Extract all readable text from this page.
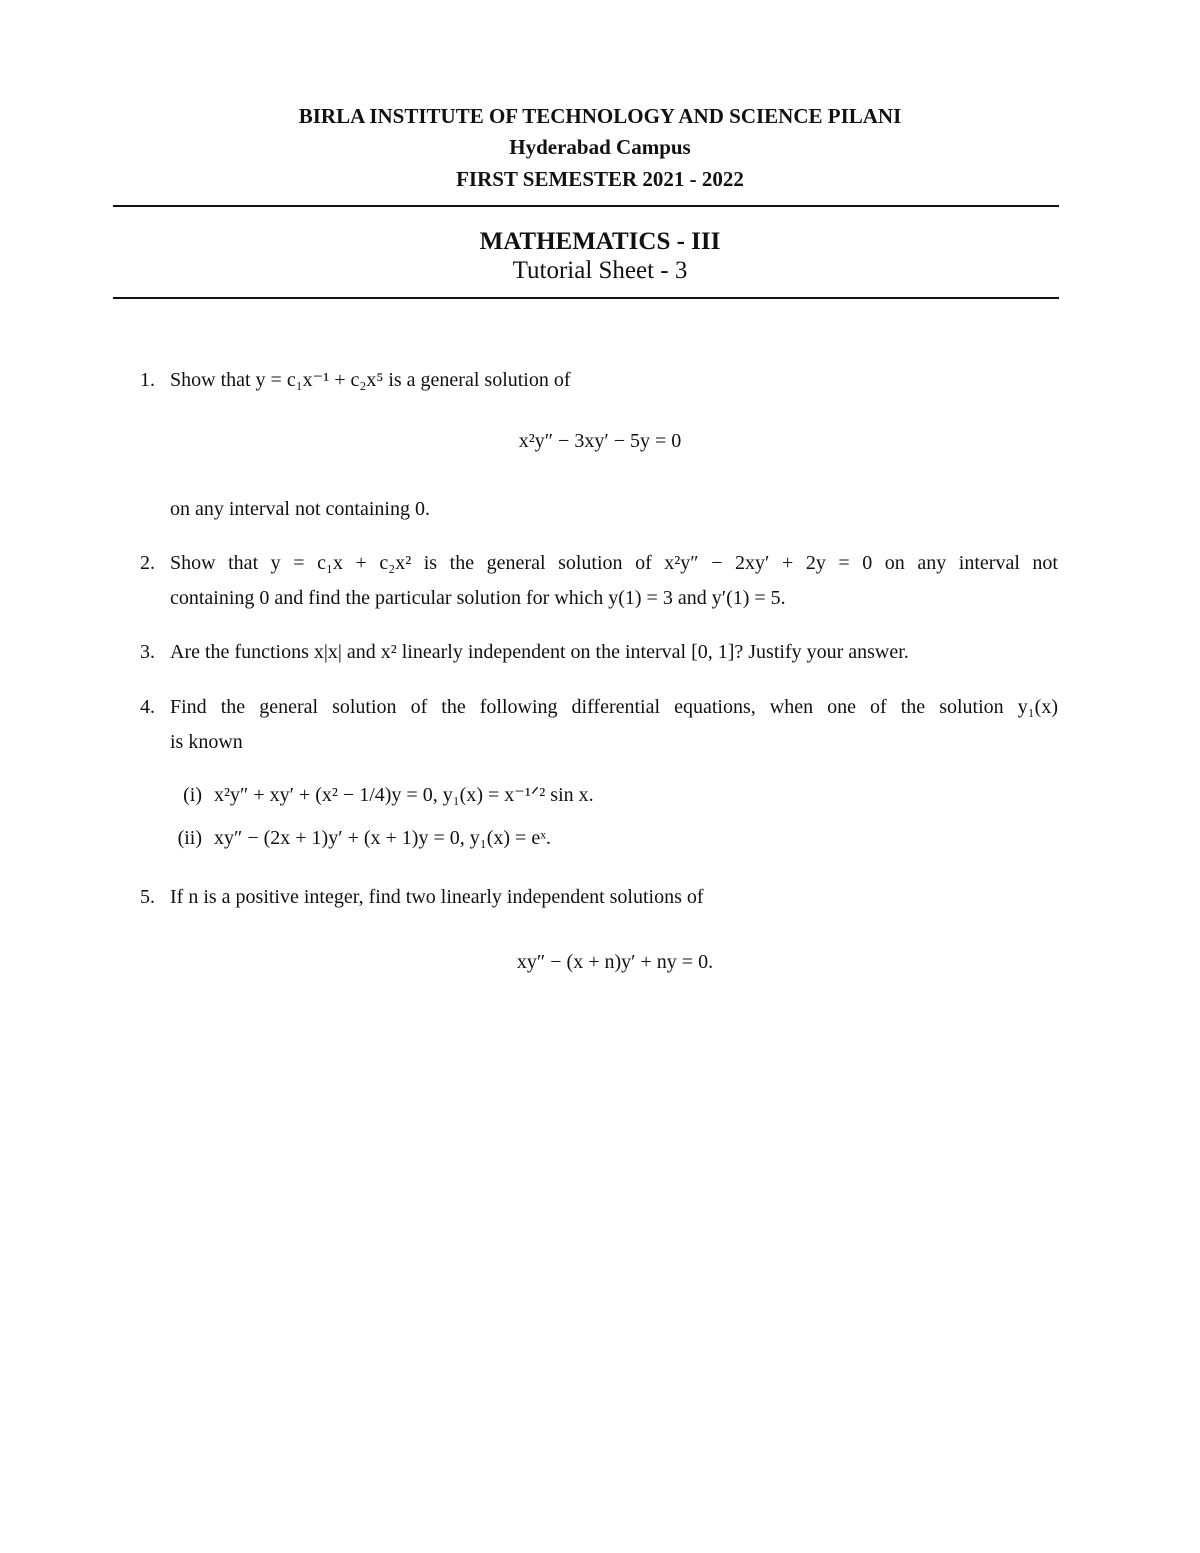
BIRLA INSTITUTE OF TECHNOLOGY AND SCIENCE PILANI
Hyderabad Campus
FIRST SEMESTER 2021 - 2022
MATHEMATICS - III
Tutorial Sheet - 3
1. Show that y = c₁x⁻¹ + c₂x⁵ is a general solution of
x²y″ − 3xy′ − 5y = 0
on any interval not containing 0.
2. Show that y = c₁x + c₂x² is the general solution of x²y″ − 2xy′ + 2y = 0 on any interval not
containing 0 and find the particular solution for which y(1) = 3 and y′(1) = 5.
3. Are the functions x|x| and x² linearly independent on the interval [0, 1]? Justify your answer.
4. Find the general solution of the following differential equations, when one of the solution y₁(x)
is known
(i) x²y″ + xy′ + (x² − 1/4)y = 0, y₁(x) = x⁻¹ᐟ² sin x.
(ii) xy″ − (2x + 1)y′ + (x + 1)y = 0, y₁(x) = eˣ.
5. If n is a positive integer, find two linearly independent solutions of
xy″ − (x + n)y′ + ny = 0.
